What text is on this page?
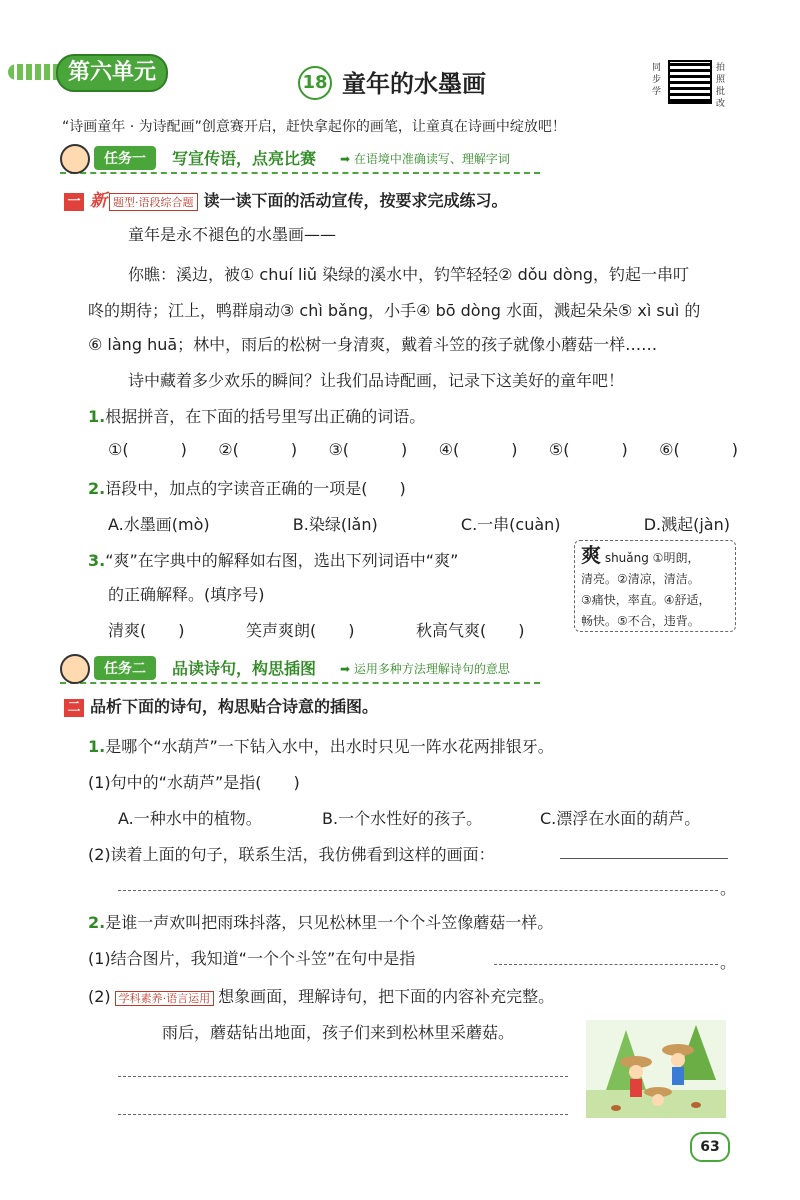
第六单元	18 童年的水墨画
同步学
拍照批改
“诗画童年 · 为诗配画”创意赛开启，赶快拿起你的画笔，让童真在诗画中绽放吧！
任务一	写宣传语，点亮比赛 ➡ 在语境中准确读写、理解字词
一 新 题型·语段综合题 读一读下面的活动宣传，按要求完成练习。
童年是永不褪色的水墨画——
你瞧：溪边，被① chuí liǔ 染绿的溪水中，钓竿轻轻② dǒu dòng，钓起一串叮
咚的期待；江上，鸭群扇动③ chì bǎng，小手④ bō dòng 水面，溅起朵朵⑤ xì suì 的
⑥ làng huā；林中，雨后的松树一身清爽，戴着斗笠的孩子就像小蘑菇一样……
诗中藏着多少欢乐的瞬间？让我们品诗配画，记录下这美好的童年吧！
1.根据拼音，在下面的括号里写出正确的词语。
①(	) ②(	) ③(	) ④(	) ⑤(	) ⑥(	)
2.语段中，加点的字读音正确的一项是(　　)
A.水墨画(mò)	B.染绿(lǎn)	C.一串(cuàn)	D.溅起(jàn)
3.“爽”在字典中的解释如右图，选出下列词语中“爽”
的正确解释。(填序号)
清爽(　　)	笑声爽朗(　　)	秋高气爽(　　)
爽 shuǎng ①明朗，
清亮。②清凉，清洁。
③痛快，率直。④舒适，
畅快。⑤不合，违背。
任务二	品读诗句，构思插图 ➡ 运用多种方法理解诗句的意思
二 品析下面的诗句，构思贴合诗意的插图。
1.是哪个“水葫芦”一下钻入水中，出水时只见一阵水花两排银牙。
(1)句中的“水葫芦”是指(　　)
A.一种水中的植物。	B.一个水性好的孩子。	C.漂浮在水面的葫芦。
(2)读着上面的句子，联系生活，我仿佛看到这样的画面：
。
2.是谁一声欢叫把雨珠抖落，只见松林里一个个斗笠像蘑菇一样。
(1)结合图片，我知道“一个个斗笠”在句中是指	。
(2) 学科素养·语言运用 想象画面，理解诗句，把下面的内容补充完整。
雨后，蘑菇钻出地面，孩子们来到松林里采蘑菇。
63
